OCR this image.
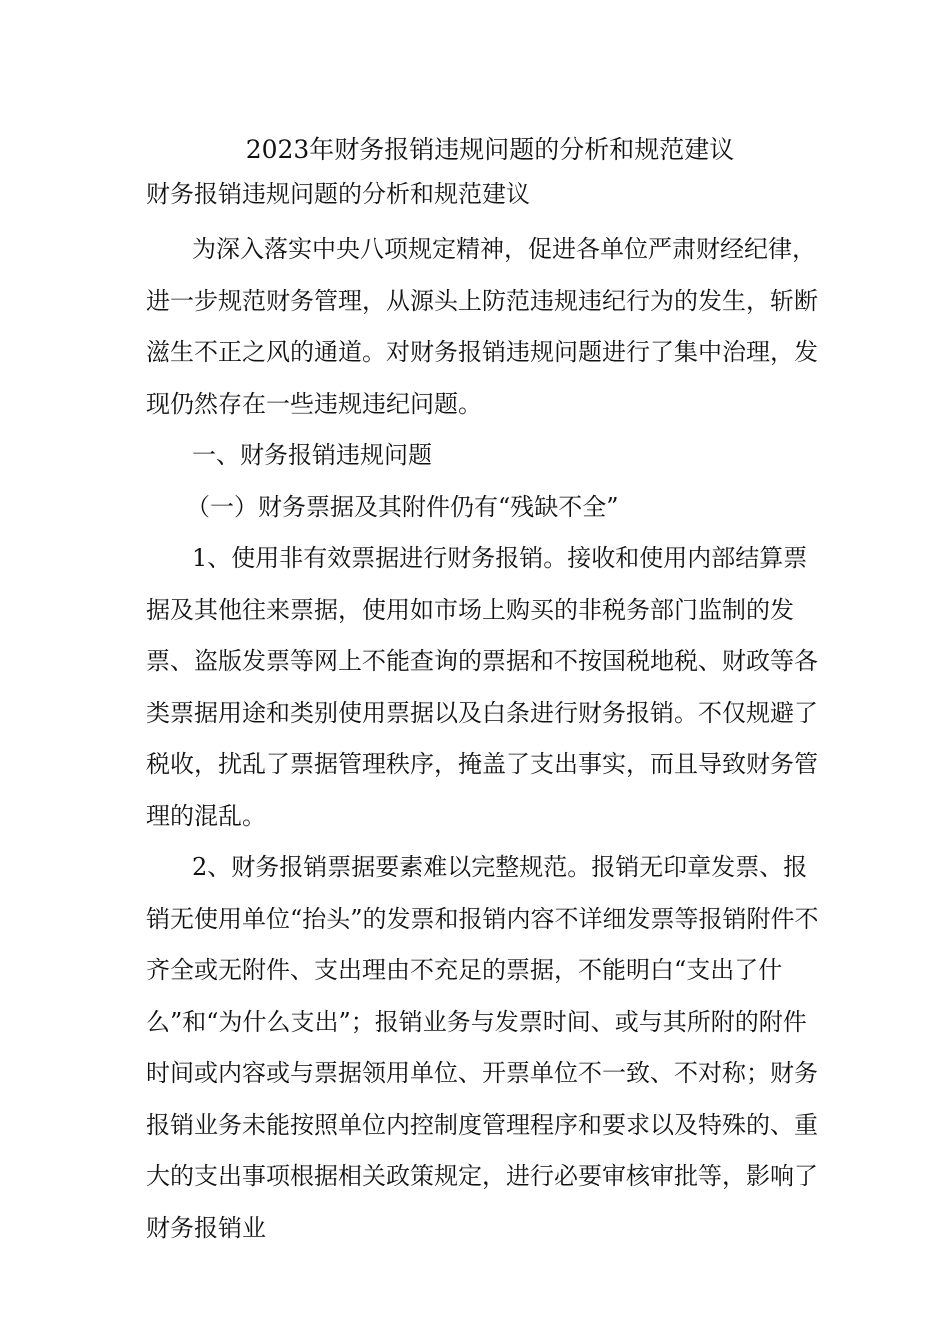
2023年财务报销违规问题的分析和规范建议
财务报销违规问题的分析和规范建议

为深入落实中央八项规定精神，促进各单位严肃财经纪律，进一步规范财务管理，从源头上防范违规违纪行为的发生，斩断滋生不正之风的通道。对财务报销违规问题进行了集中治理，发现仍然存在一些违规违纪问题。

一、财务报销违规问题

（一）财务票据及其附件仍有“残缺不全”

1、使用非有效票据进行财务报销。接收和使用内部结算票据及其他往来票据，使用如市场上购买的非税务部门监制的发票、盗版发票等网上不能查询的票据和不按国税地税、财政等各类票据用途和类别使用票据以及白条进行财务报销。不仅规避了税收，扰乱了票据管理秩序，掩盖了支出事实，而且导致财务管理的混乱。

2、财务报销票据要素难以完整规范。报销无印章发票、报销无使用单位“抬头”的发票和报销内容不详细发票等报销附件不齐全或无附件、支出理由不充足的票据，不能明白“支出了什么”和“为什么支出”；报销业务与发票时间、或与其所附的附件时间或内容或与票据领用单位、开票单位不一致、不对称；财务报销业务未能按照单位内控制度管理程序和要求以及特殊的、重大的支出事项根据相关政策规定，进行必要审核审批等，影响了财务报销业
